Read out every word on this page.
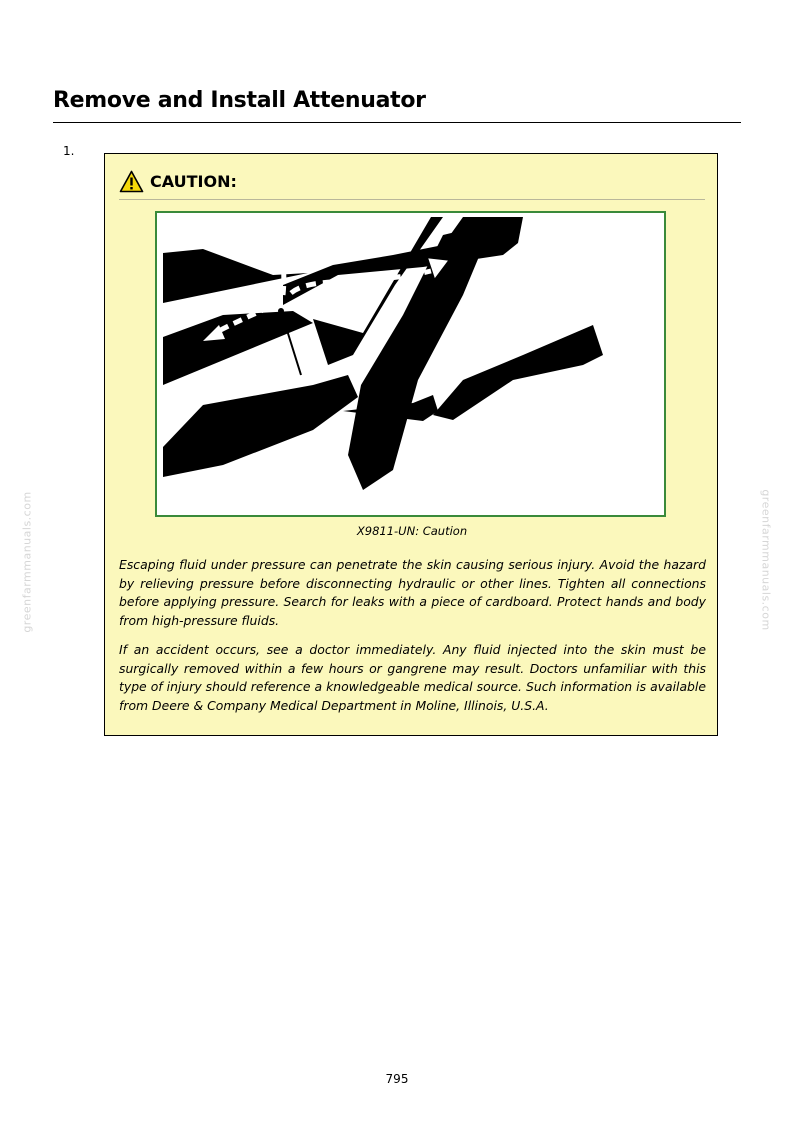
Remove and Install Attenuator
1.
CAUTION:
X9811-UN: Caution

Escaping fluid under pressure can penetrate the skin causing serious injury. Avoid the hazard by relieving pressure before disconnecting hydraulic or other lines. Tighten all connections before applying pressure. Search for leaks with a piece of cardboard. Protect hands and body from high-pressure fluids.

If an accident occurs, see a doctor immediately. Any fluid injected into the skin must be surgically removed within a few hours or gangrene may result. Doctors unfamiliar with this type of injury should reference a knowledgeable medical source. Such information is available from Deere & Company Medical Department in Moline, Illinois, U.S.A.

greenfarmmanuals.com	greenfarmmanuals.com
795
